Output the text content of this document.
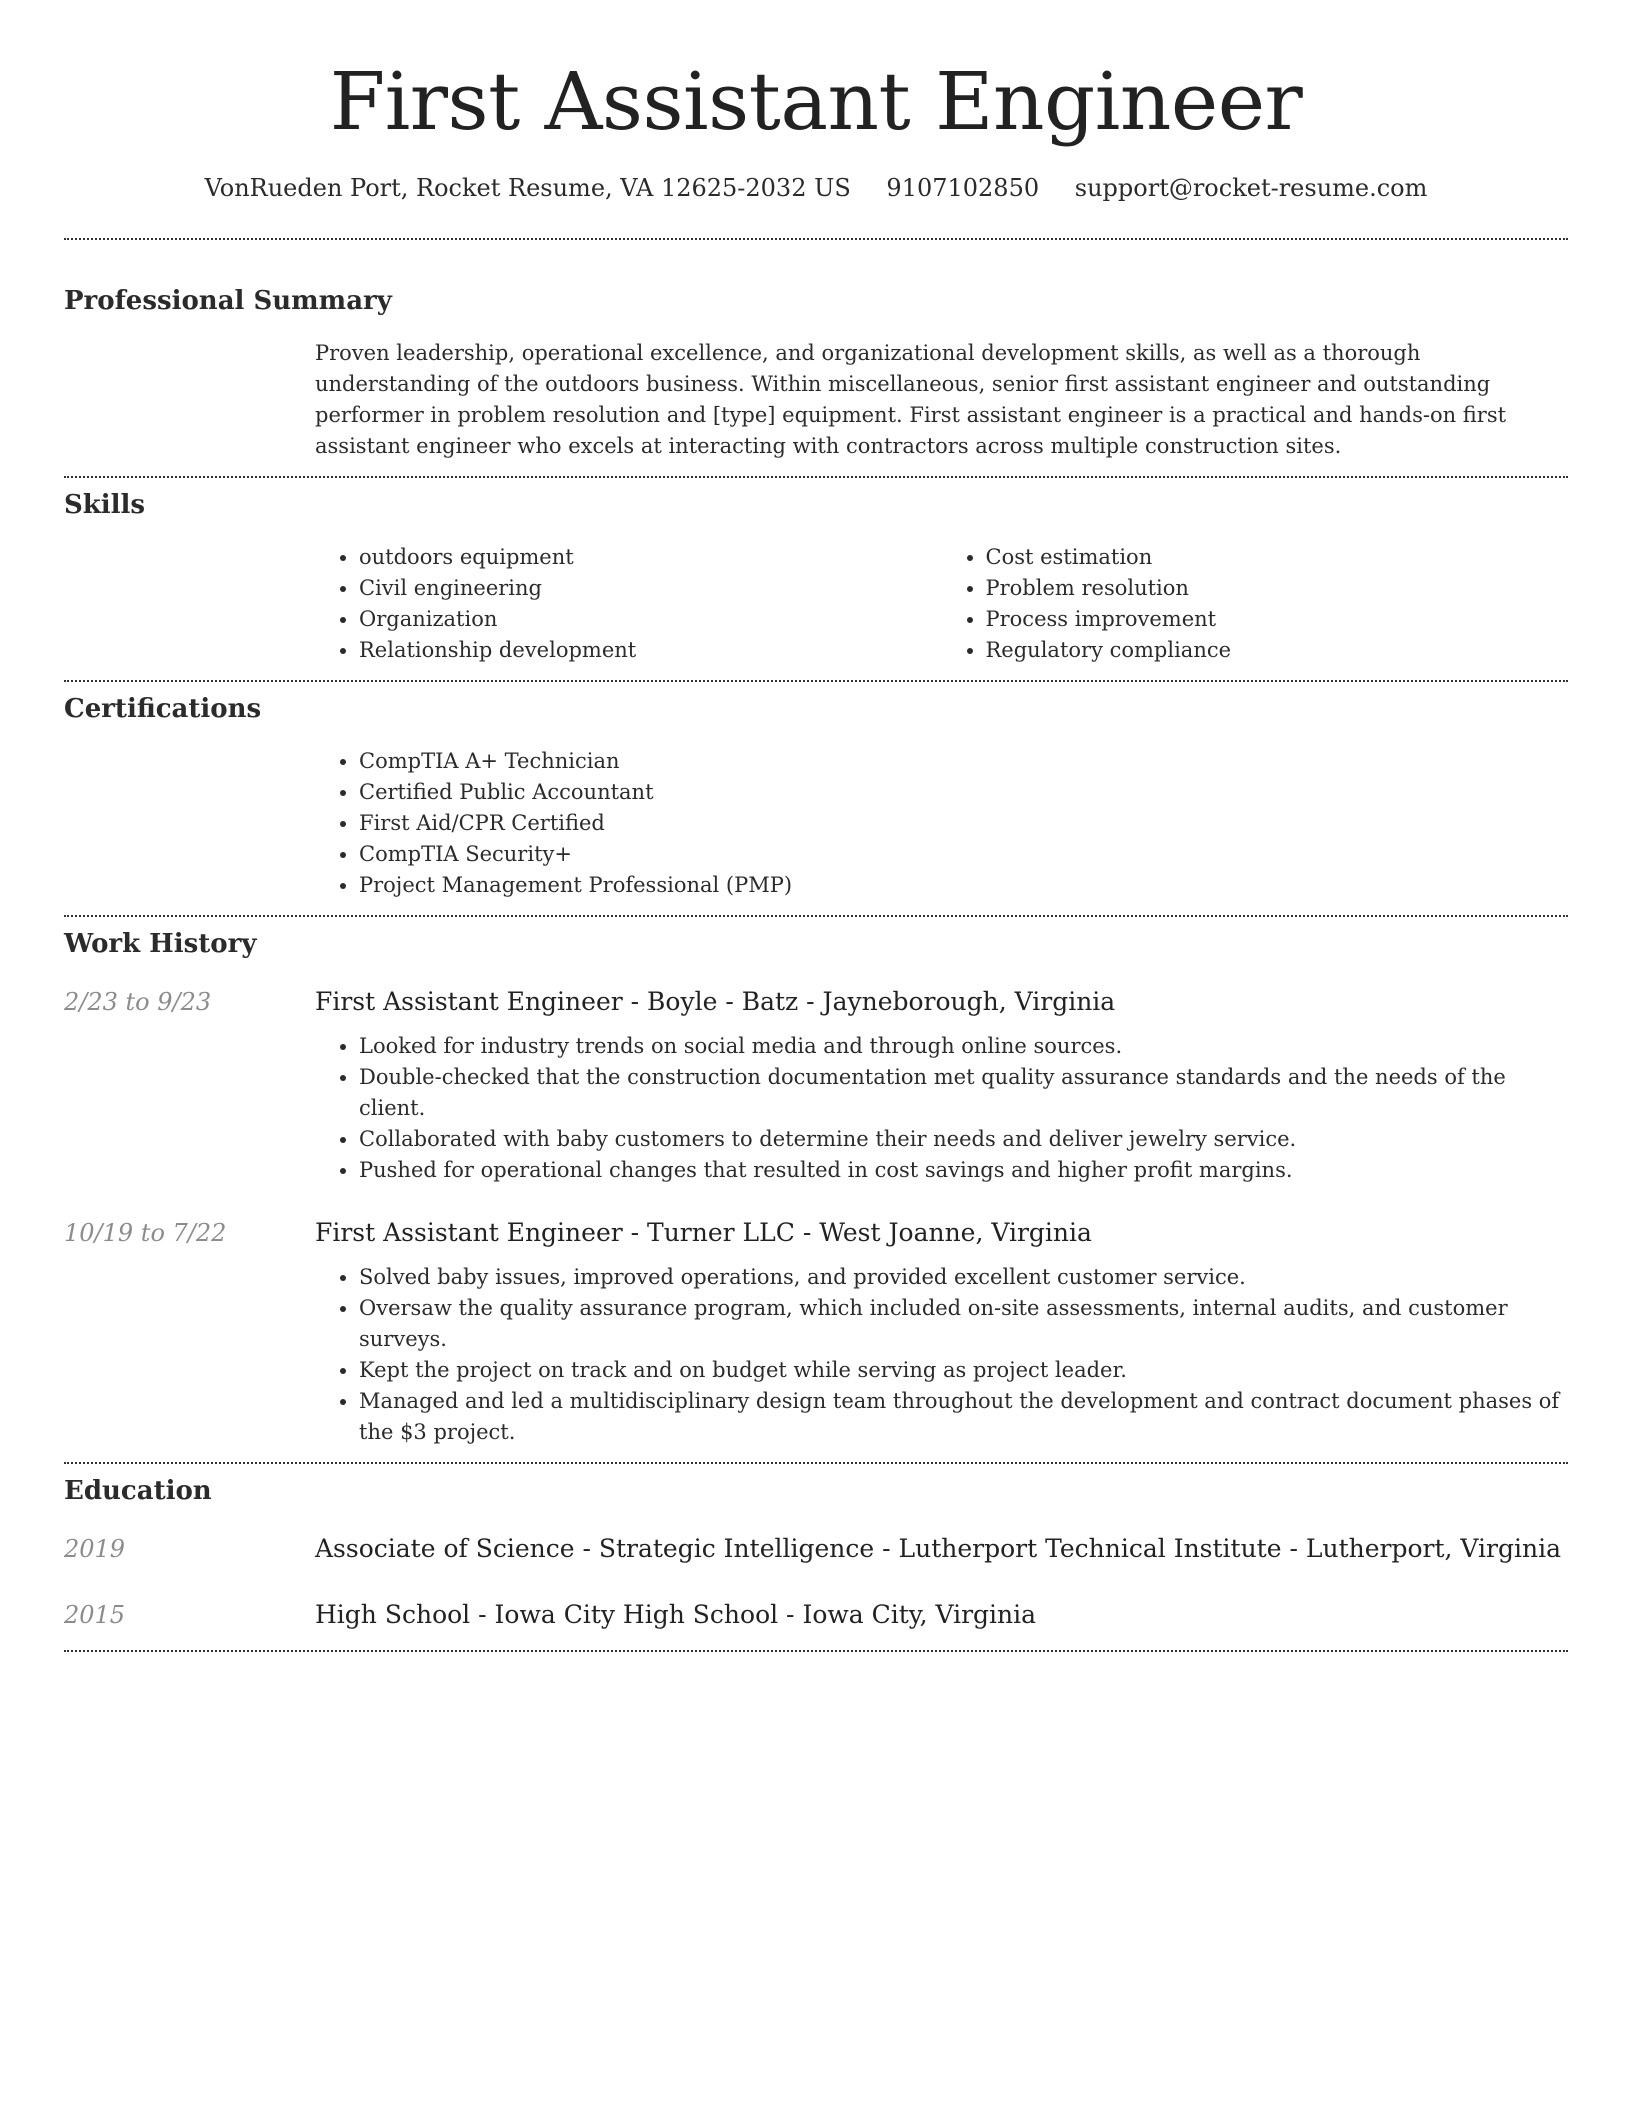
First Assistant Engineer
VonRueden Port, Rocket Resume, VA 12625-2032 US 9107102850 support@rocket-resume.com
Professional Summary

Proven leadership, operational excellence, and organizational development skills, as well as a thorough understanding of the outdoors business. Within miscellaneous, senior first assistant engineer and outstanding performer in problem resolution and [type] equipment. First assistant engineer is a practical and hands-on first assistant engineer who excels at interacting with contractors across multiple construction sites.

Skills
• outdoors equipment
• Civil engineering
• Organization
• Relationship development
• Cost estimation
• Problem resolution
• Process improvement
• Regulatory compliance
Certifications
• CompTIA A+ Technician
• Certified Public Accountant
• First Aid/CPR Certified
• CompTIA Security+
• Project Management Professional (PMP)
Work History
2/23 to 9/23	First Assistant Engineer - Boyle - Batz - Jayneborough, Virginia
• Looked for industry trends on social media and through online sources.
• Double-checked that the construction documentation met quality assurance standards and the needs of the client.
• Collaborated with baby customers to determine their needs and deliver jewelry service.
• Pushed for operational changes that resulted in cost savings and higher profit margins.
10/19 to 7/22	First Assistant Engineer - Turner LLC - West Joanne, Virginia
• Solved baby issues, improved operations, and provided excellent customer service.
• Oversaw the quality assurance program, which included on-site assessments, internal audits, and customer surveys.
• Kept the project on track and on budget while serving as project leader.
• Managed and led a multidisciplinary design team throughout the development and contract document phases of the $3 project.
Education
2019	Associate of Science - Strategic Intelligence - Lutherport Technical Institute - Lutherport, Virginia
2015	High School - Iowa City High School - Iowa City, Virginia
